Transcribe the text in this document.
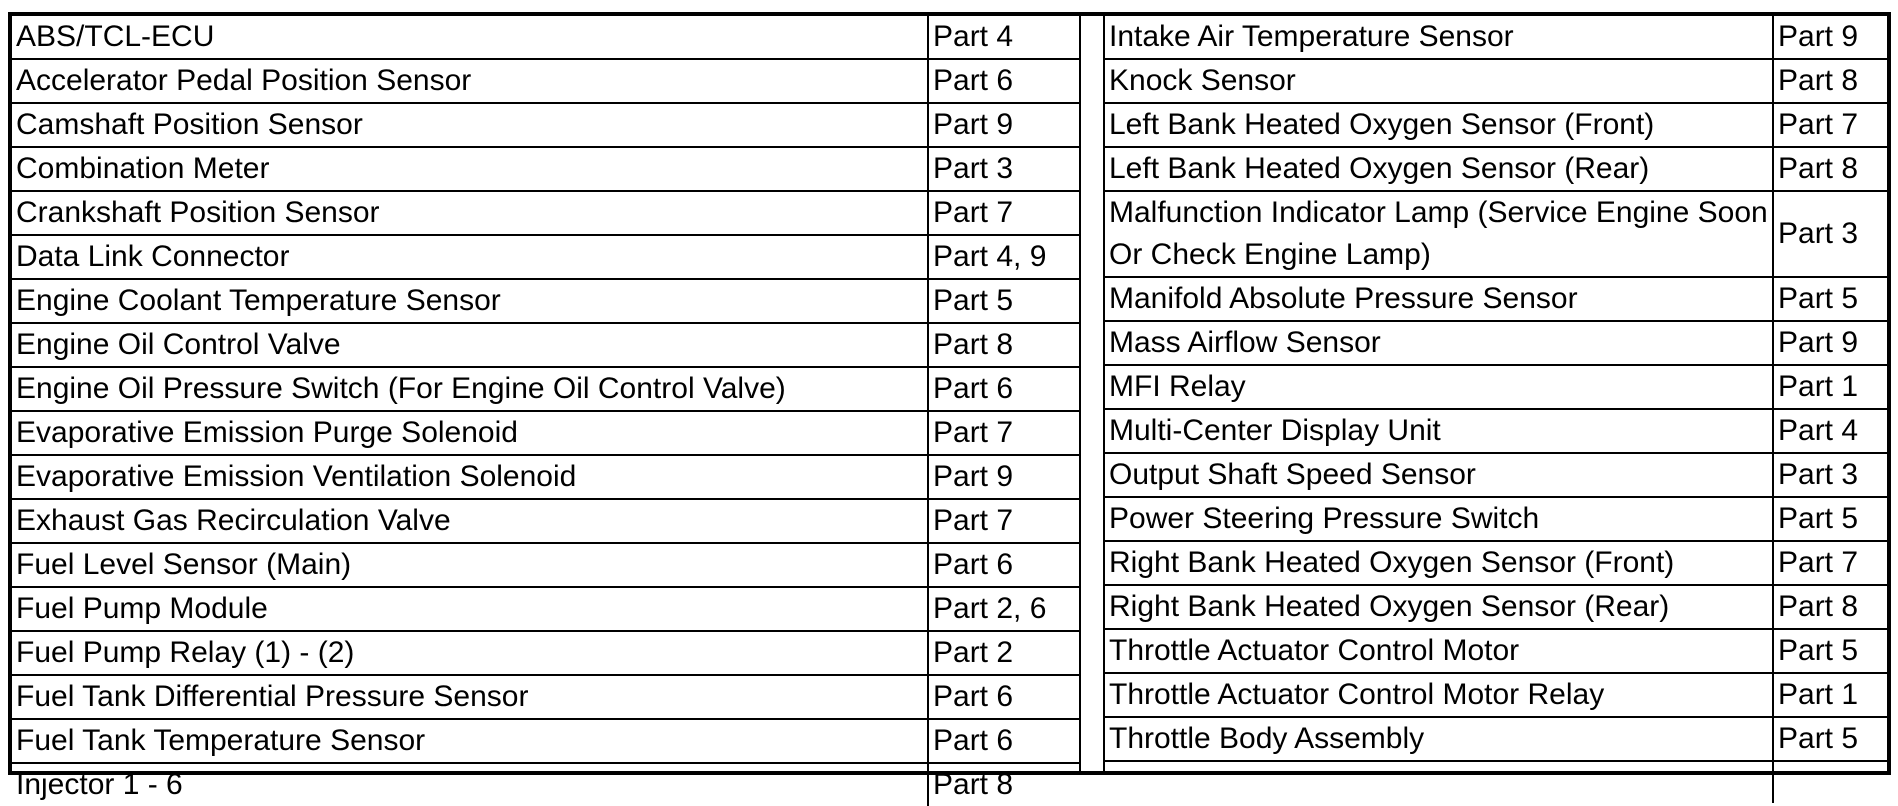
ABS/TCL-ECU	Part 4
Accelerator Pedal Position Sensor	Part 6
Camshaft Position Sensor	Part 9
Combination Meter	Part 3
Crankshaft Position Sensor	Part 7
Data Link Connector	Part 4, 9
Engine Coolant Temperature Sensor	Part 5
Engine Oil Control Valve	Part 8
Engine Oil Pressure Switch (For Engine Oil Control Valve)	Part 6
Evaporative Emission Purge Solenoid	Part 7
Evaporative Emission Ventilation Solenoid	Part 9
Exhaust Gas Recirculation Valve	Part 7
Fuel Level Sensor (Main)	Part 6
Fuel Pump Module	Part 2, 6
Fuel Pump Relay (1) - (2)	Part 2
Fuel Tank Differential Pressure Sensor	Part 6
Fuel Tank Temperature Sensor	Part 6
Injector 1 - 6	Part 8
Intake Air Temperature Sensor	Part 9
Knock Sensor	Part 8
Left Bank Heated Oxygen Sensor (Front)	Part 7
Left Bank Heated Oxygen Sensor (Rear)	Part 8
Malfunction Indicator Lamp (Service Engine Soon Or Check Engine Lamp)	Part 3
Manifold Absolute Pressure Sensor	Part 5
Mass Airflow Sensor	Part 9
MFI Relay	Part 1
Multi-Center Display Unit	Part 4
Output Shaft Speed Sensor	Part 3
Power Steering Pressure Switch	Part 5
Right Bank Heated Oxygen Sensor (Front)	Part 7
Right Bank Heated Oxygen Sensor (Rear)	Part 8
Throttle Actuator Control Motor	Part 5
Throttle Actuator Control Motor Relay	Part 1
Throttle Body Assembly	Part 5
